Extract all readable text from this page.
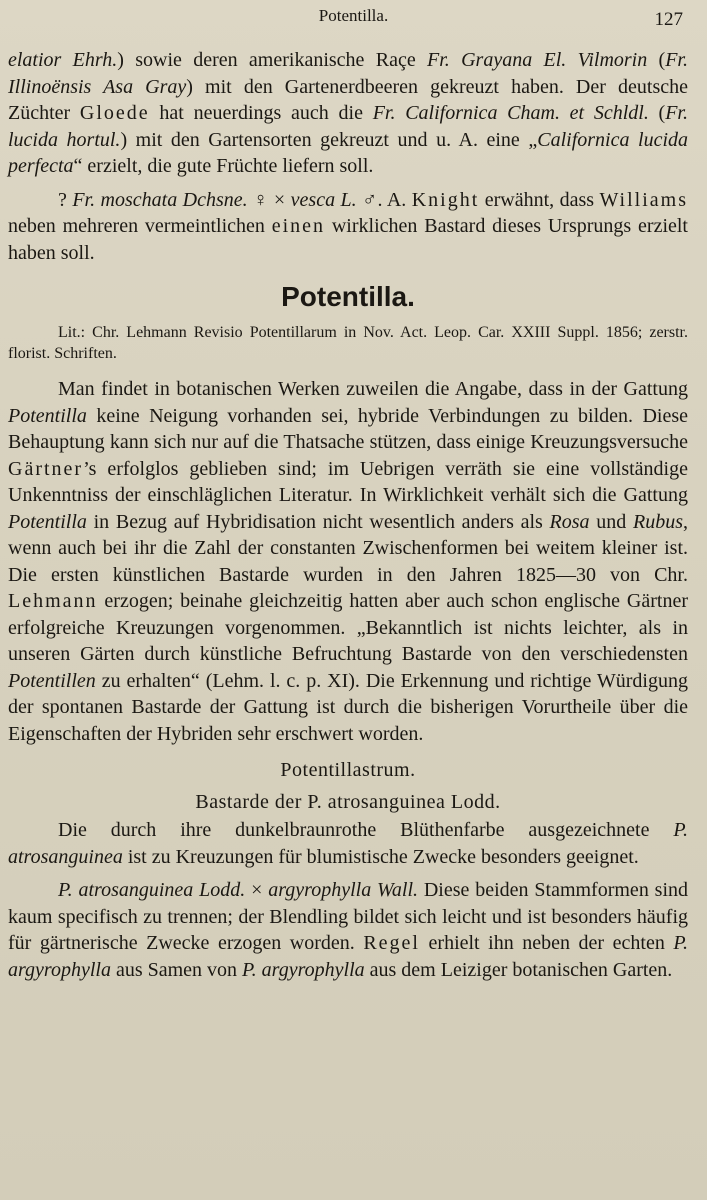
Potentilla.	127

elatior Ehrh.) sowie deren amerikanische Raçe Fr. Grayana El. Vilmorin (Fr. Illinoënsis Asa Gray) mit den Gartenerdbeeren gekreuzt haben. Der deutsche Züchter Gloede hat neuerdings auch die Fr. Californica Cham. et Schldl. (Fr. lucida hortul.) mit den Gartensorten gekreuzt und u. A. eine „Californica lucida perfecta“ erzielt, die gute Früchte liefern soll.

? Fr. moschata Dchsne. ♀ × vesca L. ♂. A. Knight erwähnt, dass Williams neben mehreren vermeintlichen einen wirklichen Bastard dieses Ursprungs erzielt haben soll.

Potentilla.

Lit.: Chr. Lehmann Revisio Potentillarum in Nov. Act. Leop. Car. XXIII Suppl. 1856; zerstr. florist. Schriften.

Man findet in botanischen Werken zuweilen die Angabe, dass in der Gattung Potentilla keine Neigung vorhanden sei, hybride Verbindungen zu bilden. Diese Behauptung kann sich nur auf die Thatsache stützen, dass einige Kreuzungsversuche Gärtner’s erfolglos geblieben sind; im Uebrigen verräth sie eine vollständige Unkenntniss der einschläglichen Literatur. In Wirklichkeit verhält sich die Gattung Potentilla in Bezug auf Hybridisation nicht wesentlich anders als Rosa und Rubus, wenn auch bei ihr die Zahl der constanten Zwischenformen bei weitem kleiner ist. Die ersten künstlichen Bastarde wurden in den Jahren 1825—30 von Chr. Lehmann erzogen; beinahe gleichzeitig hatten aber auch schon englische Gärtner erfolgreiche Kreuzungen vorgenommen. „Bekanntlich ist nichts leichter, als in unseren Gärten durch künstliche Befruchtung Bastarde von den verschiedensten Potentillen zu erhalten“ (Lehm. l. c. p. XI). Die Erkennung und richtige Würdigung der spontanen Bastarde der Gattung ist durch die bisherigen Vorurtheile über die Eigenschaften der Hybriden sehr erschwert worden.

Potentillastrum.

Bastarde der P. atrosanguinea Lodd.

Die durch ihre dunkelbraunrothe Blüthenfarbe ausgezeichnete P. atrosanguinea ist zu Kreuzungen für blumistische Zwecke besonders geeignet.

P. atrosanguinea Lodd. × argyrophylla Wall. Diese beiden Stammformen sind kaum specifisch zu trennen; der Blendling bildet sich leicht und ist besonders häufig für gärtnerische Zwecke erzogen worden. Regel erhielt ihn neben der echten P. argyrophylla aus Samen von P. argyrophylla aus dem Leiziger botanischen Garten.
